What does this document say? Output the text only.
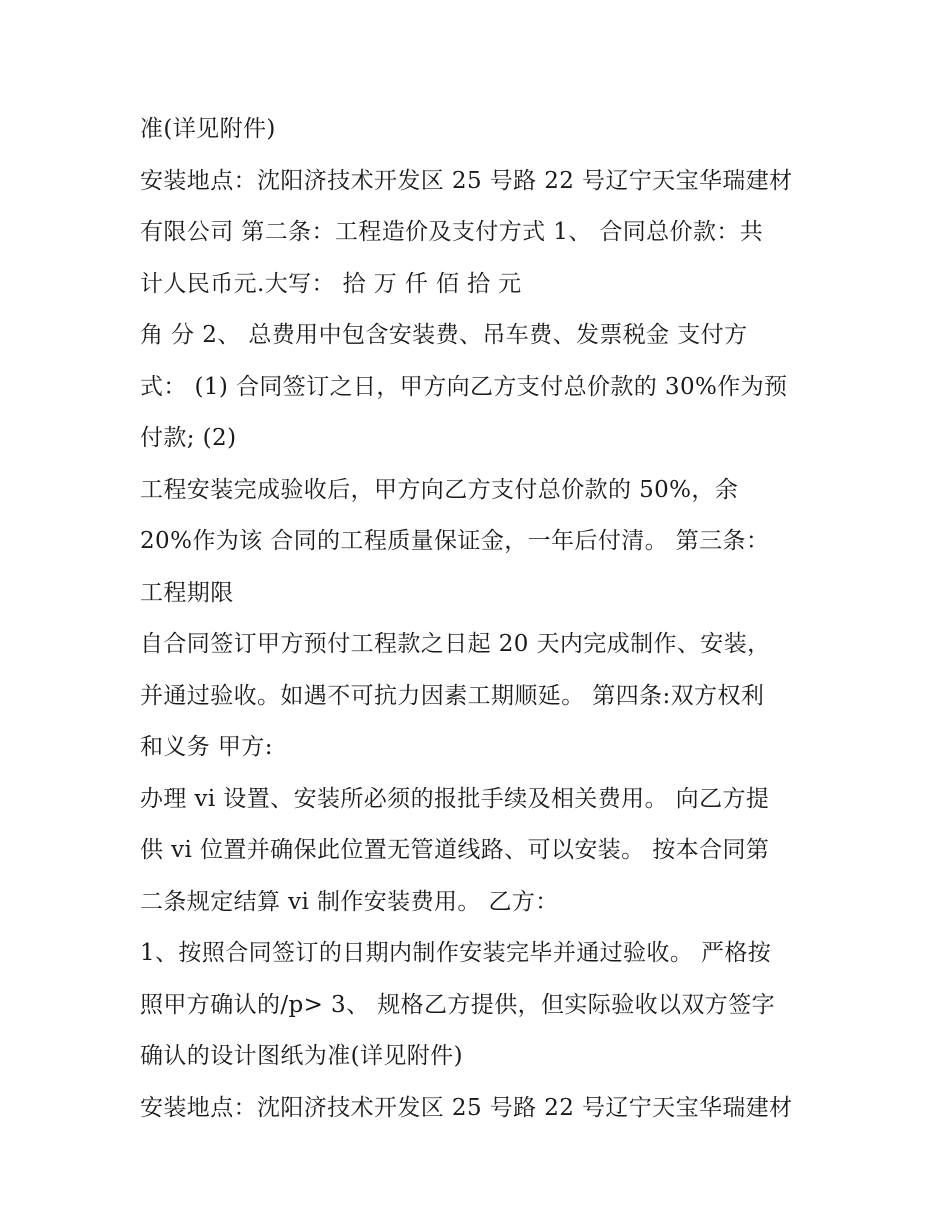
准(详见附件)
安装地点：沈阳济技术开发区 25 号路 22 号辽宁天宝华瑞建材
有限公司 第二条：工程造价及支付方式 1、 合同总价款：共
计人民币元.大写： 拾 万 仟 佰 拾 元
角 分 2、 总费用中包含安装费、吊车费、发票税金 支付方
式： (1) 合同签订之日，甲方向乙方支付总价款的 30%作为预
付款; (2)
工程安装完成验收后，甲方向乙方支付总价款的 50%，余
20%作为该 合同的工程质量保证金，一年后付清。 第三条：
工程期限
自合同签订甲方预付工程款之日起 20 天内完成制作、安装，
并通过验收。如遇不可抗力因素工期顺延。 第四条:双方权利
和义务 甲方:
办理 vi 设置、安装所必须的报批手续及相关费用。 向乙方提
供 vi 位置并确保此位置无管道线路、可以安装。 按本合同第
二条规定结算 vi 制作安装费用。 乙方：
1、按照合同签订的日期内制作安装完毕并通过验收。 严格按
照甲方确认的/p> 3、 规格乙方提供，但实际验收以双方签字
确认的设计图纸为准(详见附件)
安装地点：沈阳济技术开发区 25 号路 22 号辽宁天宝华瑞建材
